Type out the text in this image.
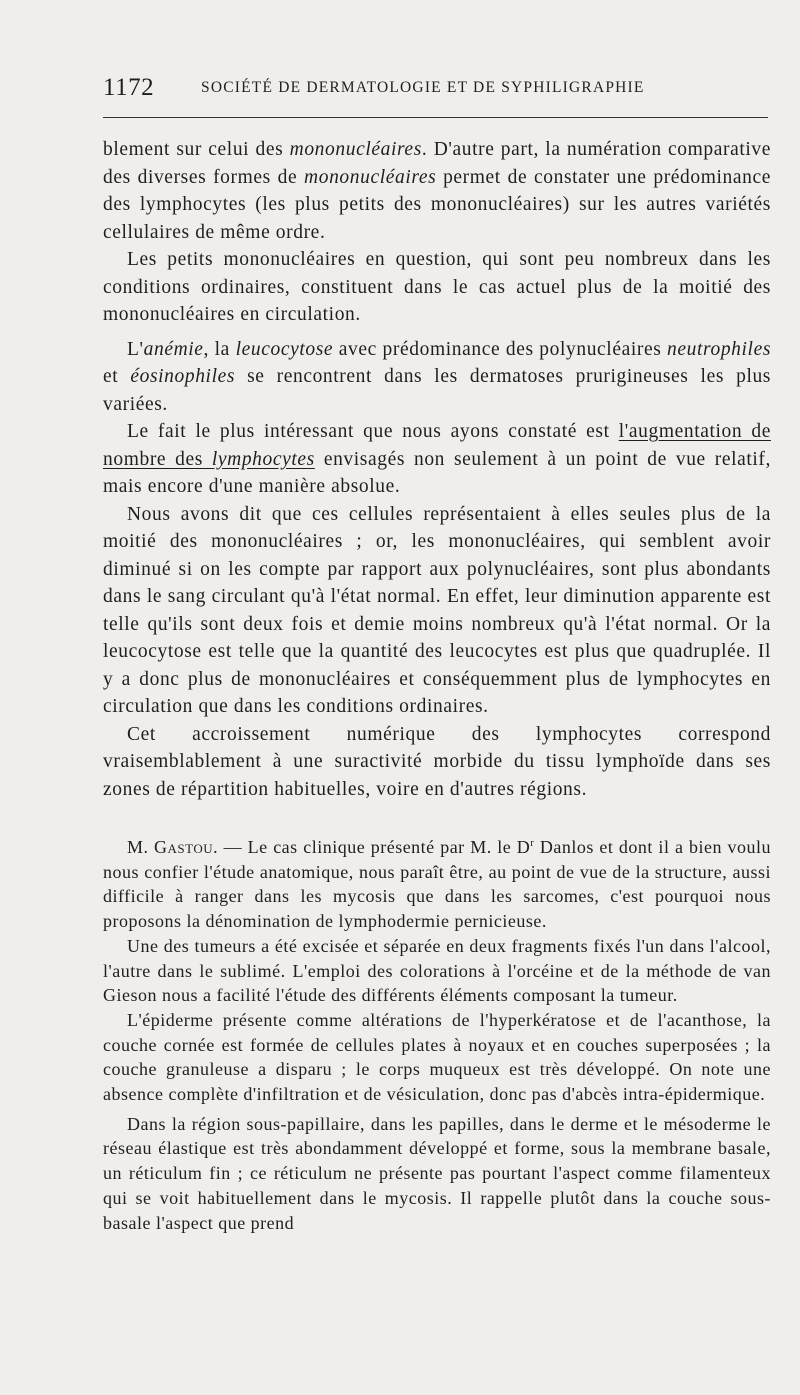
1172	SOCIÉTÉ DE DERMATOLOGIE ET DE SYPHILIGRAPHIE

blement sur celui des mononucléaires. D'autre part, la numération comparative des diverses formes de mononucléaires permet de constater une prédominance des lymphocytes (les plus petits des mononucléaires) sur les autres variétés cellulaires de même ordre.

Les petits mononucléaires en question, qui sont peu nombreux dans les conditions ordinaires, constituent dans le cas actuel plus de la moitié des mononucléaires en circulation.

L'anémie, la leucocytose avec prédominance des polynucléaires neutrophiles et éosinophiles se rencontrent dans les dermatoses prurigineuses les plus variées.

Le fait le plus intéressant que nous ayons constaté est l'augmentation de nombre des lymphocytes envisagés non seulement à un point de vue relatif, mais encore d'une manière absolue.

Nous avons dit que ces cellules représentaient à elles seules plus de la moitié des mononucléaires ; or, les mononucléaires, qui semblent avoir diminué si on les compte par rapport aux polynucléaires, sont plus abondants dans le sang circulant qu'à l'état normal. En effet, leur diminution apparente est telle qu'ils sont deux fois et demie moins nombreux qu'à l'état normal. Or la leucocytose est telle que la quantité des leucocytes est plus que quadruplée. Il y a donc plus de mononucléaires et conséquemment plus de lymphocytes en circulation que dans les conditions ordinaires.

Cet accroissement numérique des lymphocytes correspond vraisemblablement à une suractivité morbide du tissu lymphoïde dans ses zones de répartition habituelles, voire en d'autres régions.

M. Gastou. — Le cas clinique présenté par M. le $D^r$ Danlos et dont il a bien voulu nous confier l'étude anatomique, nous paraît être, au point de vue de la structure, aussi difficile à ranger dans les mycosis que dans les sarcomes, c'est pourquoi nous proposons la dénomination de lymphodermie pernicieuse.

Une des tumeurs a été excisée et séparée en deux fragments fixés l'un dans l'alcool, l'autre dans le sublimé. L'emploi des colorations à l'orcéine et de la méthode de van Gieson nous a facilité l'étude des différents éléments composant la tumeur.

L'épiderme présente comme altérations de l'hyperkératose et de l'acanthose, la couche cornée est formée de cellules plates à noyaux et en couches superposées ; la couche granuleuse a disparu ; le corps muqueux est très développé. On note une absence complète d'infiltration et de vésiculation, donc pas d'abcès intra-épidermique.

Dans la région sous-papillaire, dans les papilles, dans le derme et le mésoderme le réseau élastique est très abondamment développé et forme, sous la membrane basale, un réticulum fin ; ce réticulum ne présente pas pourtant l'aspect comme filamenteux qui se voit habituellement dans le mycosis. Il rappelle plutôt dans la couche sous-basale l'aspect que prend
